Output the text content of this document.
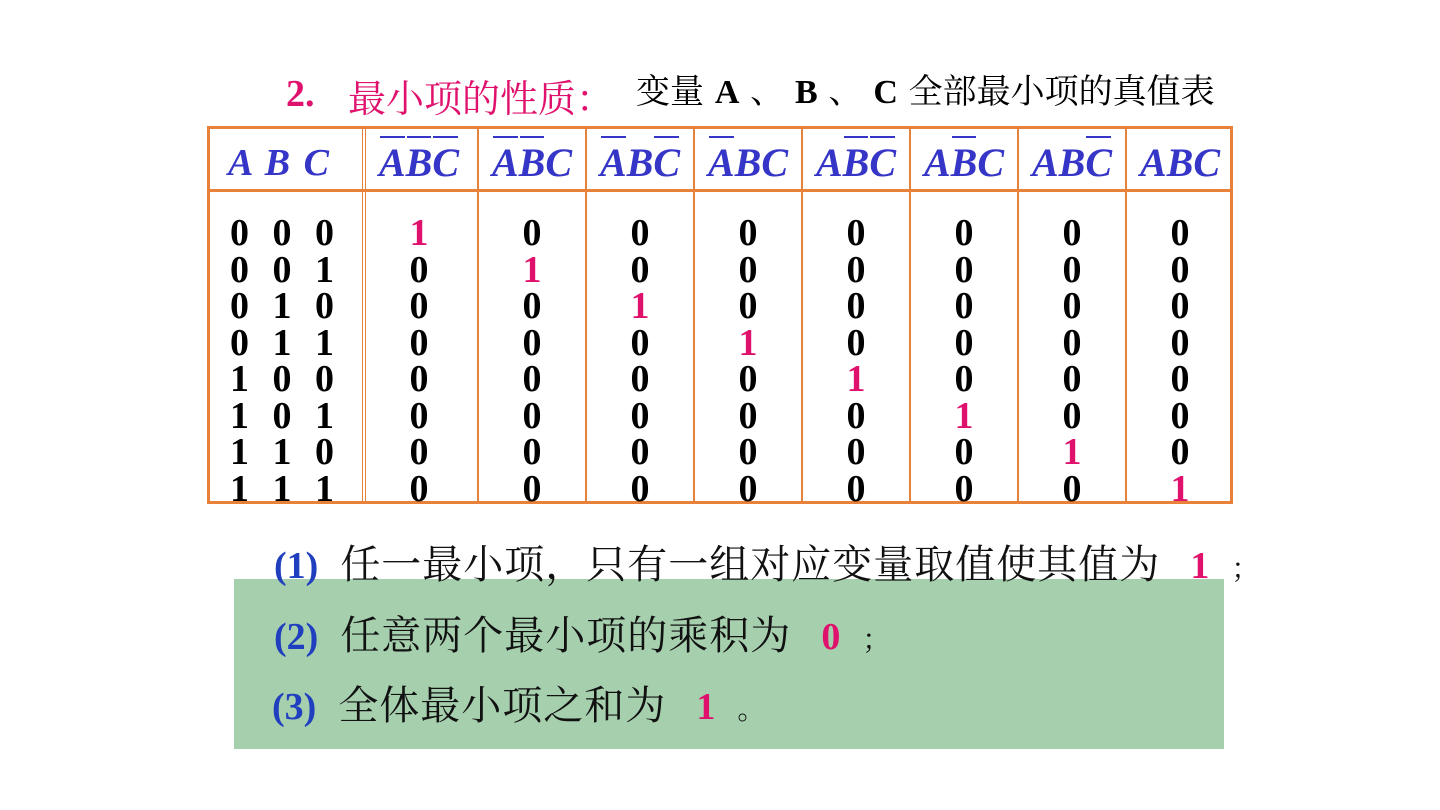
2. 最小项的性质： 变量 A 、 B 、 C 全部最小项的真值表
A B C
0 0 0
0 0 1
0 1 0
0 1 1
1 0 0
1 0 1
1 1 0
1 1 1
ABC
1
0
0
0
0
0
0
0
ABC
0
1
0
0
0
0
0
0
ABC
0
0
1
0
0
0
0
0
ABC
0
0
0
1
0
0
0
0
ABC
0
0
0
0
1
0
0
0
ABC
0
0
0
0
0
1
0
0
ABC
0
0
0
0
0
0
1
0
ABC
0
0
0
0
0
0
0
1
(1) 任一最小项，只有一组对应变量取值使其值为 1 ；
(2) 任意两个最小项的乘积为 0 ；
(3) 全体最小项之和为 1 。
